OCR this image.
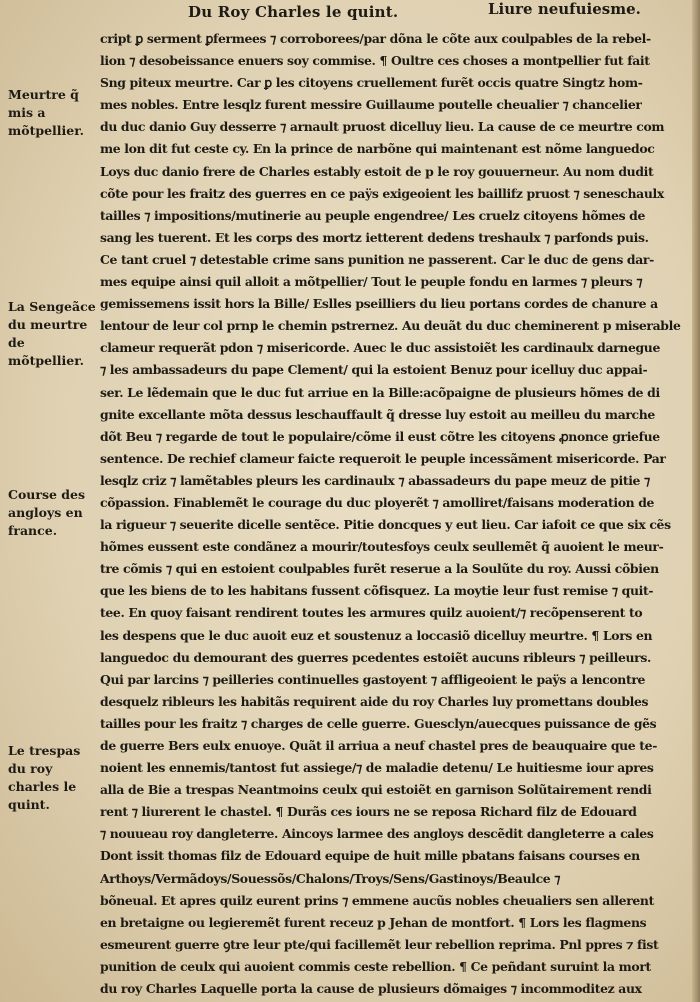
Du Roy Charles le quint.	Liure neufuiesme.
Meurtre q̃ mis a mõtpellier.
La Sengeãce du meurtre de mõtpellier.
Course des angloys en france.
Le trespas du roy charles le quint.
cript ꝑ serment ꝑfermees ⁊ corroborees/par dõna le cõte aux coulpables de la rebel‑
lion ⁊ desobeissance enuers soy commise. ¶ Oultre ces choses a montpellier fut fait
Sng piteux meurtre. Car ꝑ les citoyens cruellement furẽt occis quatre Singtz hom‑
mes nobles. Entre lesqlz furent messire Guillaume poutelle cheualier ⁊ chancelier
du duc danio Guy desserre ⁊ arnault pruost dicelluy lieu. La cause de ce meurtre com
me lon dit fut ceste cy. En la prince de narbõne qui maintenant est nõme languedoc
Loys duc danio frere de Charles estably estoit de p le roy gouuerneur. Au nom dudit
cõte pour les fraitz des guerres en ce paÿs exigeoient les baillifz pruost ⁊ seneschaulx
tailles ⁊ impositions/mutinerie au peuple engendree/ Les cruelz citoyens hõmes de
sang les tuerent. Et les corps des mortz ietterent dedens treshaulx ⁊ parfonds puis.
Ce tant cruel ⁊ detestable crime sans punition ne passerent. Car le duc de gens dar‑
mes equipe ainsi quil alloit a mõtpellier/ Tout le peuple fondu en larmes ⁊ pleurs ⁊
gemissemens issit hors la Bille/ Eslles pseilliers du lieu portans cordes de chanure a
lentour de leur col prnp le chemin pstrernez. Au deuãt du duc cheminerent p miserable
clameur requerãt pdon ⁊ misericorde. Auec le duc assistoiẽt les cardinaulx darnegue
⁊ les ambassadeurs du pape Clement/ qui la estoient Benuz pour icelluy duc appai‑
ser. Le lẽdemain que le duc fut arriue en la Bille:acõpaigne de plusieurs hõmes de di
gnite excellante mõta dessus leschauffault q̃ dresse luy estoit au meilleu du marche
dõt Beu ⁊ regarde de tout le populaire/cõme il eust cõtre les citoyens ꝓnonce griefue
sentence. De rechief clameur faicte requeroit le peuple incessãment misericorde. Par
lesqlz criz ⁊ lamẽtables pleurs les cardinaulx ⁊ abassadeurs du pape meuz de pitie ⁊
cõpassion. Finablemẽt le courage du duc ployerẽt ⁊ amolliret/faisans moderation de
la rigueur ⁊ seuerite dicelle sentẽce. Pitie doncques y eut lieu. Car iafoit ce que six cẽs
hõmes eussent este condãnez a mourir/toutesfoys ceulx seullemẽt q̃ auoient le meur‑
tre cõmis ⁊ qui en estoient coulpables furẽt reserue a la Soulũte du roy. Aussi cõbien
que les biens de to les habitans fussent cõfisquez. La moytie leur fust remise ⁊ quit‑
tee. En quoy faisant rendirent toutes les armures quilz auoient/⁊ recõpenserent to
les despens que le duc auoit euz et soustenuz a loccasiõ dicelluy meurtre. ¶ Lors en
languedoc du demourant des guerres pcedentes estoiẽt aucuns ribleurs ⁊ peilleurs.
Qui par larcins ⁊ peilleries continuelles gastoyent ⁊ affligeoient le paÿs a lencontre
desquelz ribleurs les habitãs requirent aide du roy Charles luy promettans doubles
tailles pour les fraitz ⁊ charges de celle guerre. Guesclyn/auecques puissance de gẽs
de guerre Bers eulx enuoye. Quãt il arriua a neuf chastel pres de beauquaire que te‑
noient les ennemis/tantost fut assiege/⁊ de maladie detenu/ Le huitiesme iour apres
alla de Bie a trespas Neantmoins ceulx qui estoiẽt en garnison Solũtairement rendi
rent ⁊ liurerent le chastel. ¶ Durãs ces iours ne se reposa Richard filz de Edouard
⁊ nouueau roy dangleterre. Aincoys larmee des angloys descẽdit dangleterre a cales
Dont issit thomas filz de Edouard equipe de huit mille pbatans faisans courses en
Arthoys/Vermãdoys/Souessõs/Chalons/Troys/Sens/Gastinoys/Beaulce ⁊
bõneual. Et apres quilz eurent prins ⁊ emmene aucũs nobles cheualiers sen allerent
en bretaigne ou legieremẽt furent receuz p Jehan de montfort. ¶ Lors les flagmens
esmeurent guerre ꝯtre leur pte/qui facillemẽt leur rebellion reprima. Pnl ppres ⁊ fist
punition de ceulx qui auoient commis ceste rebellion. ¶ Ce peñdant suruint la mort
du roy Charles Laquelle porta la cause de plusieurs dõmaiges ⁊ incommoditez aux
